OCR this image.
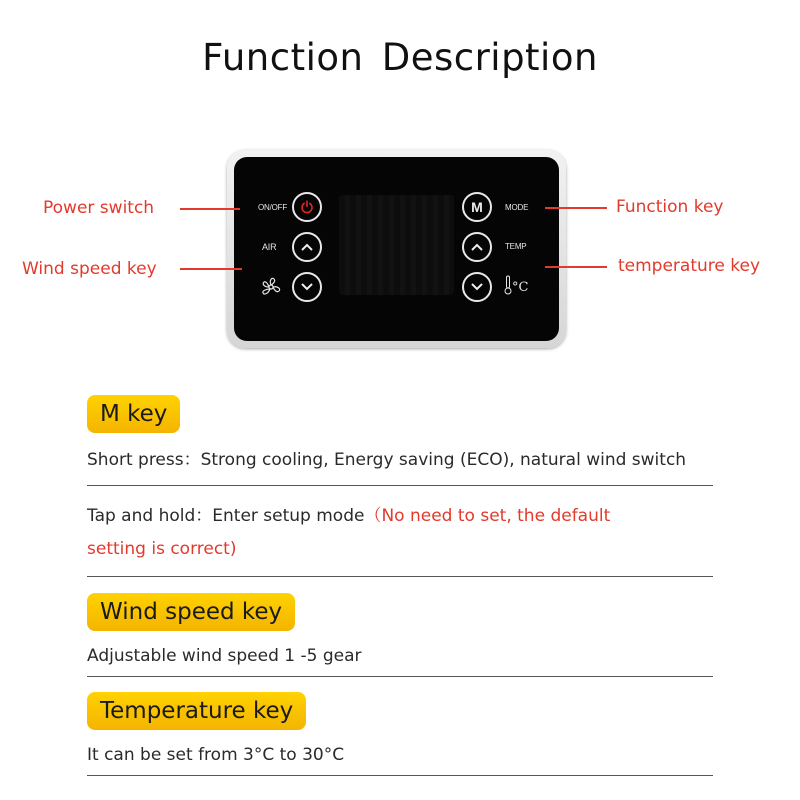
Function Description
ON/OFF
AIR
MODE
TEMP
M
°C
Power switch
Wind speed key
Function key
temperature key
M key
Short press：Strong cooling, Energy saving (ECO), natural wind switch
Tap and hold：Enter setup mode（No need to set, the default
setting is correct)
Wind speed key
Adjustable wind speed 1 -5 gear
Temperature key
It can be set from 3°C to 30°C
